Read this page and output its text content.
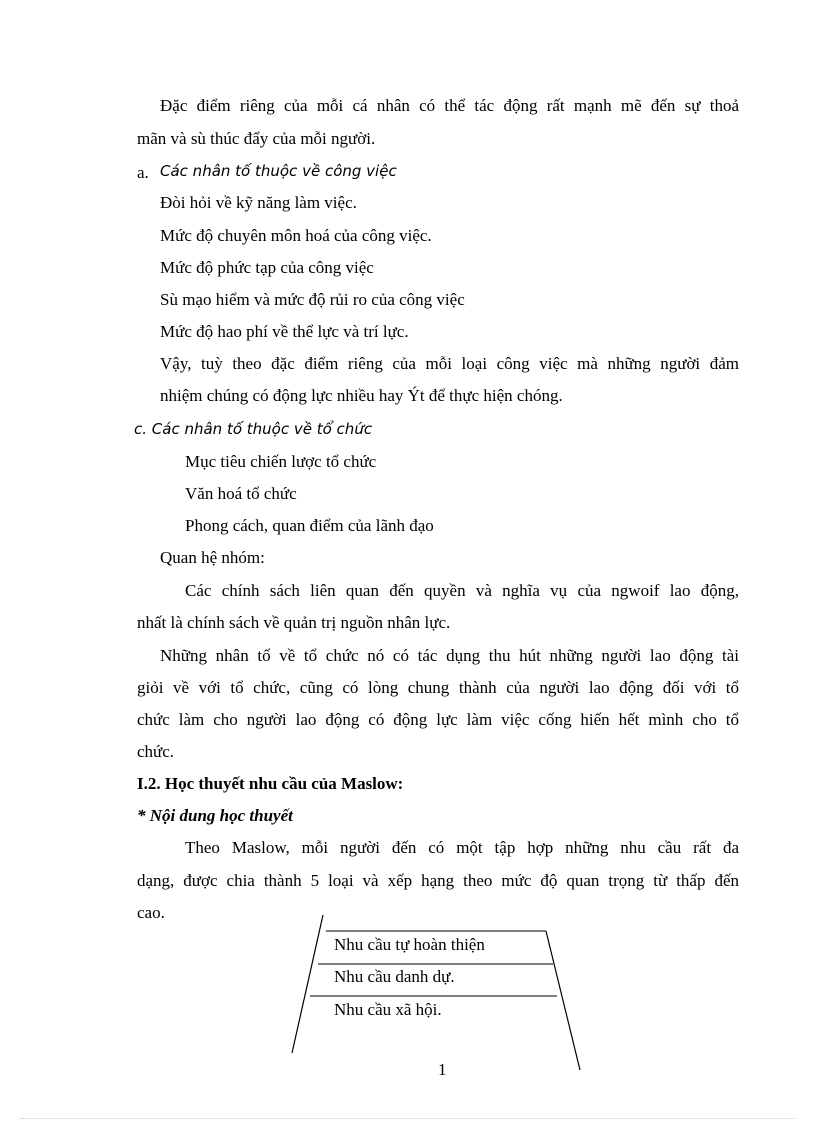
Đặc điểm riêng của mỗi cá nhân có thể tác động rất mạnh mẽ đến sự thoả
mãn và sù thúc đẩy của mỗi người.
a. Các nhân tố thuộc về công việc
Đòi hỏi về kỹ năng làm việc.
Mức độ chuyên môn hoá của công việc.
Mức độ phức tạp của công việc
Sù mạo hiểm và mức độ rủi ro của công việc
Mức độ hao phí về thể lực và trí lực.
Vậy, tuỳ theo đặc điểm riêng của mỗi loại công việc mà những người đảm
nhiệm chúng có động lực nhiều hay Ýt để thực hiện chóng.
c. Các nhân tố thuộc về tổ chức
Mục tiêu chiến lược tổ chức
Văn hoá tổ chức
Phong cách, quan điểm của lãnh đạo
Quan hệ nhóm:
Các chính sách liên quan đến quyền và nghĩa vụ của ngwoif lao động,
nhất là chính sách về quản trị nguồn nhân lực.
Những nhân tố về tổ chức nó có tác dụng thu hút những người lao động tài
giỏi về với tổ chức, cũng có lòng chung thành của người lao động đối với tổ
chức làm cho người lao động có động lực làm việc cống hiến hết mình cho tổ
chức.
I.2. Học thuyết nhu cầu của Maslow:
* Nội dung học thuyết
Theo Maslow, mỗi người đến có một tập hợp những nhu cầu rất đa
dạng, được chia thành 5 loại và xếp hạng theo mức độ quan trọng từ thấp đến
cao.
Nhu cầu tự hoàn thiện
Nhu cầu danh dự.
Nhu cầu xã hội.
1
